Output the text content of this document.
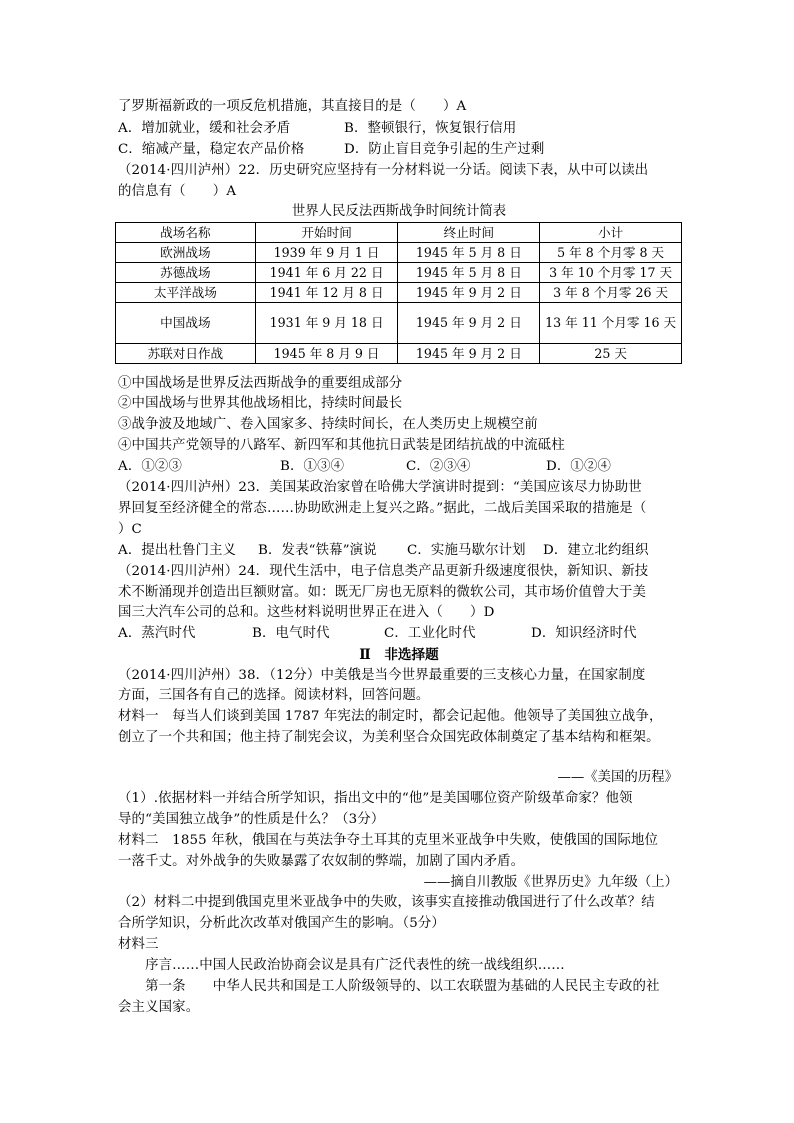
了罗斯福新政的一项反危机措施，其直接目的是（　　）A
A．增加就业，缓和社会矛盾	B．整顿银行，恢复银行信用
C．缩减产量，稳定农产品价格	D．防止盲目竞争引起的生产过剩
（2014·四川泸州）22．历史研究应坚持有一分材料说一分话。阅读下表，从中可以读出
的信息有（　　）A
世界人民反法西斯战争时间统计简表
战场名称	开始时间	终止时间	小计
欧洲战场	1939 年 9 月 1 日	1945 年 5 月 8 日	5 年 8 个月零 8 天
苏德战场	1941 年 6 月 22 日	1945 年 5 月 8 日	3 年 10 个月零 17 天
太平洋战场	1941 年 12 月 8 日	1945 年 9 月 2 日	3 年 8 个月零 26 天
中国战场	1931 年 9 月 18 日	1945 年 9 月 2 日	13 年 11 个月零 16 天
苏联对日作战	1945 年 8 月 9 日	1945 年 9 月 2 日	25 天
①中国战场是世界反法西斯战争的重要组成部分
②中国战场与世界其他战场相比，持续时间最长
③战争波及地域广、卷入国家多、持续时间长，在人类历史上规模空前
④中国共产党领导的八路军、新四军和其他抗日武装是团结抗战的中流砥柱
A．①②③	B．①③④	C．②③④	D．①②④
（2014·四川泸州）23．美国某政治家曾在哈佛大学演讲时提到：“美国应该尽力协助世
界回复至经济健全的常态……协助欧洲走上复兴之路。”据此，二战后美国采取的措施是（
）C
A．提出杜鲁门主义 B．发表“铁幕”演说 C．实施马歇尔计划 D．建立北约组织
（2014·四川泸州）24．现代生活中，电子信息类产品更新升级速度很快，新知识、新技
术不断涌现并创造出巨额财富。如：既无厂房也无原料的微软公司，其市场价值曾大于美
国三大汽车公司的总和。这些材料说明世界正在进入（　　）D
A．蒸汽时代	B．电气时代	C．工业化时代	D．知识经济时代
Ⅱ　非选择题
（2014·四川泸州）38．（12分）中美俄是当今世界最重要的三支核心力量，在国家制度
方面，三国各有自己的选择。阅读材料，回答问题。
材料一　每当人们谈到美国 1787 年宪法的制定时，都会记起他。他领导了美国独立战争，
创立了一个共和国；他主持了制宪会议，为美利坚合众国宪政体制奠定了基本结构和框架。
——《美国的历程》
（1）.依据材料一并结合所学知识，指出文中的“他”是美国哪位资产阶级革命家？他领
导的“美国独立战争”的性质是什么？（3分）
材料二　1855 年秋，俄国在与英法争夺土耳其的克里米亚战争中失败，使俄国的国际地位
一落千丈。对外战争的失败暴露了农奴制的弊端，加剧了国内矛盾。
——摘自川教版《世界历史》九年级（上）
（2）材料二中提到俄国克里米亚战争中的失败，该事实直接推动俄国进行了什么改革？结
合所学知识，分析此次改革对俄国产生的影响。（5分）
材料三
　　序言……中国人民政治协商会议是具有广泛代表性的统一战线组织……
　　第一条　　中华人民共和国是工人阶级领导的、以工农联盟为基础的人民民主专政的社
会主义国家。
